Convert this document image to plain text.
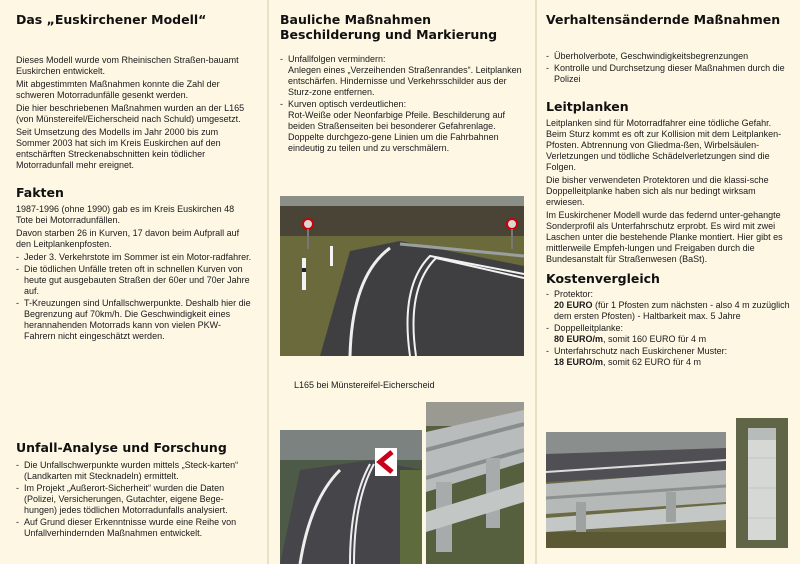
Das „Euskirchener Modell“

Dieses Modell wurde vom Rheinischen Straßen-bauamt Euskirchen entwickelt.

Mit abgestimmten Maßnahmen konnte die Zahl der schweren Motorradunfälle gesenkt werden.

Die hier beschriebenen Maßnahmen wurden an der L165 (von Münstereifel/Eicherscheid nach Schuld) umgesetzt.

Seit Umsetzung des Modells im Jahr 2000 bis zum Sommer 2003 hat sich im Kreis Euskirchen auf den entschärften Streckenabschnitten kein tödlicher Motorradunfall mehr ereignet.

Fakten

1987-1996 (ohne 1990) gab es im Kreis Euskirchen 48 Tote bei Motorradunfällen.

Davon starben 26 in Kurven, 17 davon beim Aufprall auf den Leitplankenpfosten.

- Jeder 3. Verkehrstote im Sommer ist ein Motor-radfahrer.
- Die tödlichen Unfälle treten oft in schnellen Kurven von heute gut ausgebauten Straßen der 60er und 70er Jahre auf.
- T-Kreuzungen sind Unfallschwerpunkte. Deshalb hier die Begrenzung auf 70km/h. Die Geschwindigkeit eines herannahenden Motorrads kann von vielen PKW-Fahrern nicht eingeschätzt werden.
Unfall-Analyse und Forschung
- Die Unfallschwerpunkte wurden mittels „Steck-karten“ (Landkarten mit Stecknadeln) ermittelt.
- Im Projekt „Außerort-Sicherheit“ wurden die Daten (Polizei, Versicherungen, Gutachter, eigene Bege-hungen) jedes tödlichen Motorradunfalls analysiert.
- Auf Grund dieser Erkenntnisse wurde eine Reihe von Unfallverhindernden Maßnahmen entwickelt.
Bauliche Maßnahmen
Beschilderung und Markierung
- Unfallfolgen vermindern:
Anlegen eines „Verzeihenden Straßenrandes“. Leitplanken entschärfen. Hindernisse und Verkehrsschilder aus der Sturz-zone entfernen.
- Kurven optisch verdeutlichen:
Rot-Weiße oder Neonfarbige Pfeile. Beschilderung auf beiden Straßenseiten bei besonderer Gefahrenlage. Doppelte durchgezo-gene Linien um die Fahrbahnen eindeutig zu teilen und zu verschmälern.
L165 bei Münstereifel-Eicherscheid
Verhaltensändernde Maßnahmen
- Überholverbote, Geschwindigkeitsbegrenzungen
- Kontrolle und Durchsetzung dieser Maßnahmen durch die Polizei
Leitplanken

Leitplanken sind für Motorradfahrer eine tödliche Gefahr. Beim Sturz kommt es oft zur Kollision mit dem Leitplanken-Pfosten. Abtrennung von Gliedma-ßen, Wirbelsäulen-Verletzungen und tödliche Schädelverletzungen sind die Folgen.

Die bisher verwendeten Protektoren und die klassi-sche Doppelleitplanke haben sich als nur bedingt wirksam erwiesen.

Im Euskirchener Modell wurde das federnd unter-gehangte Sonderprofil als Unterfahrschutz erprobt. Es wird mit zwei Laschen unter die bestehende Planke montiert. Hier gibt es mittlerweile Empfeh-lungen und Freigaben durch die Bundesanstalt für Straßenwesen (BaSt).

Kostenvergleich
- Protektor:
20 EURO (für 1 Pfosten zum nächsten - also 4 m zuzüglich dem ersten Pfosten) - Haltbarkeit max. 5 Jahre
- Doppelleitplanke:
80 EURO/m, somit 160 EURO für 4 m
- Unterfahrschutz nach Euskirchener Muster:
18 EURO/m, somit 62 EURO für 4 m
